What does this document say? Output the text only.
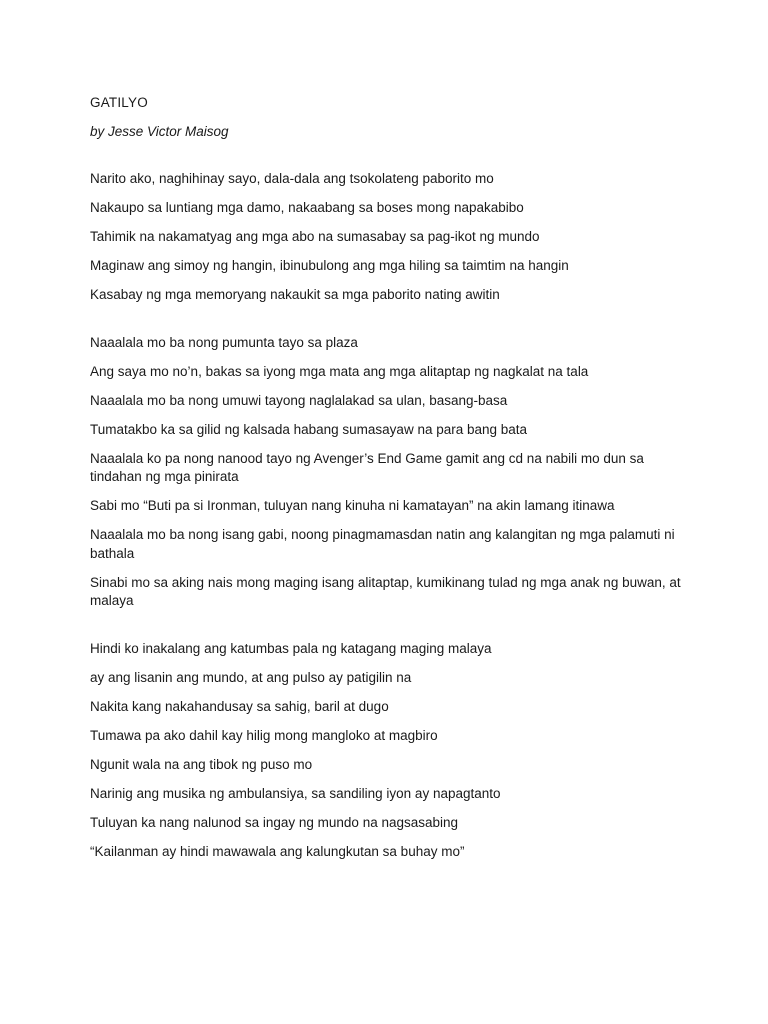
GATILYO
by Jesse Victor Maisog
Narito ako, naghihinay sayo, dala-dala ang tsokolateng paborito mo
Nakaupo sa luntiang mga damo, nakaabang sa boses mong napakabibo
Tahimik na nakamatyag ang mga abo na sumasabay sa pag-ikot ng mundo
Maginaw ang simoy ng hangin, ibinubulong ang mga hiling sa taimtim na hangin
Kasabay ng mga memoryang nakaukit sa mga paborito nating awitin
Naaalala mo ba nong pumunta tayo sa plaza
Ang saya mo no’n, bakas sa iyong mga mata ang mga alitaptap ng nagkalat na tala
Naaalala mo ba nong umuwi tayong naglalakad sa ulan, basang-basa
Tumatakbo ka sa gilid ng kalsada habang sumasayaw na para bang bata
Naaalala ko pa nong nanood tayo ng Avenger’s End Game gamit ang cd na nabili mo dun sa tindahan ng mga pinirata
Sabi mo “Buti pa si Ironman, tuluyan nang kinuha ni kamatayan” na akin lamang itinawa
Naaalala mo ba nong isang gabi, noong pinagmamasdan natin ang kalangitan ng mga palamuti ni bathala
Sinabi mo sa aking nais mong maging isang alitaptap, kumikinang tulad ng mga anak ng buwan, at malaya
Hindi ko inakalang ang katumbas pala ng katagang maging malaya
ay ang lisanin ang mundo, at ang pulso ay patigilin na
Nakita kang nakahandusay sa sahig, baril at dugo
Tumawa pa ako dahil kay hilig mong mangloko at magbiro
Ngunit wala na ang tibok ng puso mo
Narinig ang musika ng ambulansiya, sa sandiling iyon ay napagtanto
Tuluyan ka nang nalunod sa ingay ng mundo na nagsasabing
“Kailanman ay hindi mawawala ang kalungkutan sa buhay mo”
